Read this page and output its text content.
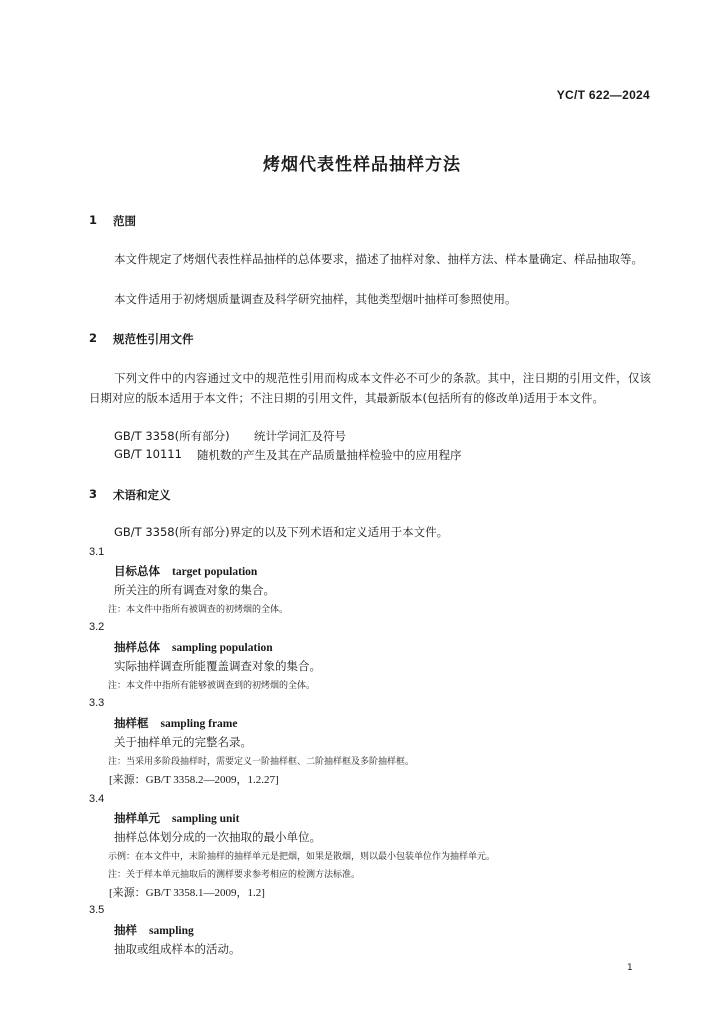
YC/T 622—2024
烤烟代表性样品抽样方法
1 范围
本文件规定了烤烟代表性样品抽样的总体要求，描述了抽样对象、抽样方法、样本量确定、样品抽取等。
本文件适用于初烤烟质量调查及科学研究抽样，其他类型烟叶抽样可参照使用。
2 规范性引用文件
下列文件中的内容通过文中的规范性引用而构成本文件必不可少的条款。其中，注日期的引用文件，仅该日期对应的版本适用于本文件；不注日期的引用文件，其最新版本(包括所有的修改单)适用于本文件。
GB/T 3358(所有部分) 统计学词汇及符号
GB/T 10111 随机数的产生及其在产品质量抽样检验中的应用程序
3 术语和定义
GB/T 3358(所有部分)界定的以及下列术语和定义适用于本文件。
3.1
目标总体 target population
所关注的所有调查对象的集合。
注：本文件中指所有被调查的初烤烟的全体。
3.2
抽样总体 sampling population
实际抽样调查所能覆盖调查对象的集合。
注：本文件中指所有能够被调查到的初烤烟的全体。
3.3
抽样框 sampling frame
关于抽样单元的完整名录。
注：当采用多阶段抽样时，需要定义一阶抽样框、二阶抽样框及多阶抽样框。
[来源：GB/T 3358.2—2009，1.2.27]
3.4
抽样单元 sampling unit
抽样总体划分成的一次抽取的最小单位。
示例：在本文件中，末阶抽样的抽样单元是把烟，如果是散烟，则以最小包装单位作为抽样单元。
注：关于样本单元抽取后的测样要求参考相应的检测方法标准。
[来源：GB/T 3358.1—2009，1.2]
3.5
抽样 sampling
抽取或组成样本的活动。
1
